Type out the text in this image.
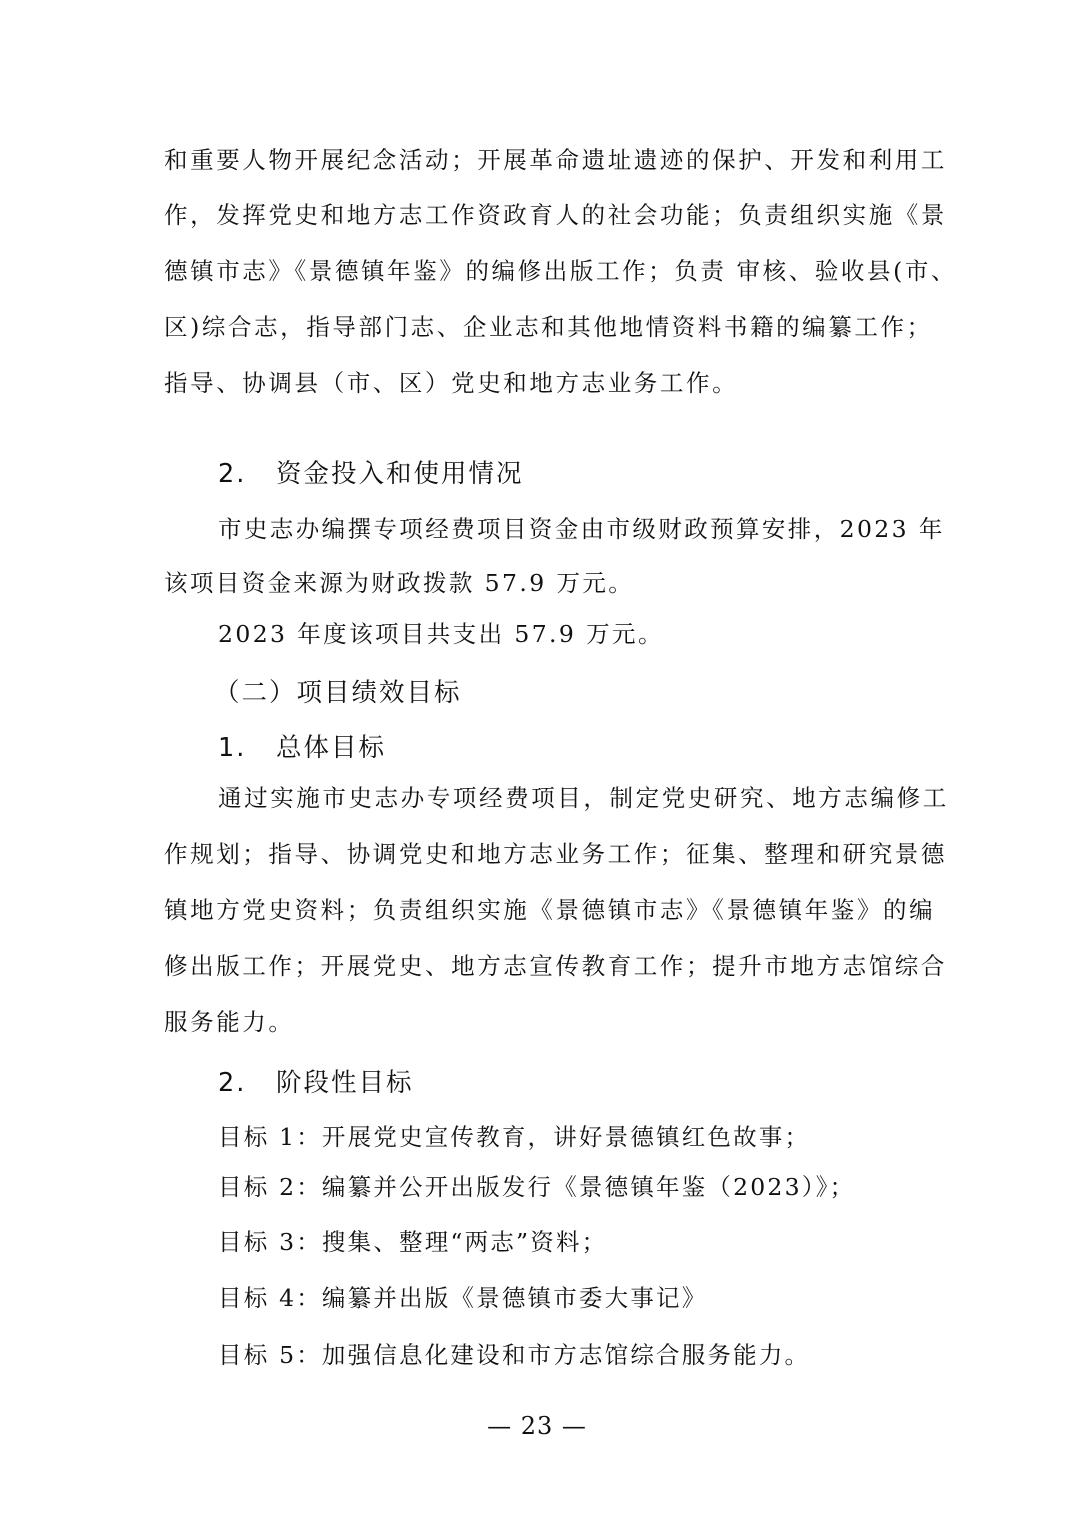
和重要人物开展纪念活动；开展革命遗址遗迹的保护、开发和利用工
作，发挥党史和地方志工作资政育人的社会功能；负责组织实施《景
德镇市志》《景德镇年鉴》的编修出版工作；负责 审核、验收县(市、
区)综合志，指导部门志、企业志和其他地情资料书籍的编纂工作；
指导、协调县（市、区）党史和地方志业务工作。
2. 资金投入和使用情况
市史志办编撰专项经费项目资金由市级财政预算安排，2023 年
该项目资金来源为财政拨款 57.9 万元。
2023 年度该项目共支出 57.9 万元。
（二）项目绩效目标
1. 总体目标
通过实施市史志办专项经费项目，制定党史研究、地方志编修工
作规划；指导、协调党史和地方志业务工作；征集、整理和研究景德
镇地方党史资料；负责组织实施《景德镇市志》《景德镇年鉴》的编
修出版工作；开展党史、地方志宣传教育工作；提升市地方志馆综合
服务能力。
2. 阶段性目标
目标 1：开展党史宣传教育，讲好景德镇红色故事；
目标 2：编纂并公开出版发行《景德镇年鉴（2023）》；
目标 3：搜集、整理“两志”资料；
目标 4：编纂并出版《景德镇市委大事记》
目标 5：加强信息化建设和市方志馆综合服务能力。
— 23 —
